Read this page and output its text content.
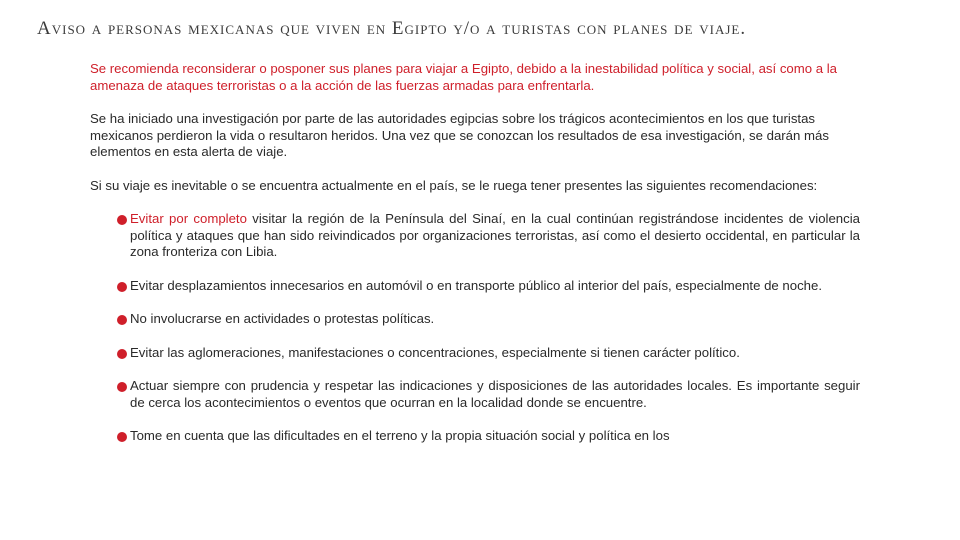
Aviso a personas mexicanas que viven en Egipto y/o a turistas con planes de viaje.

Se recomienda reconsiderar o posponer sus planes para viajar a Egipto, debido a la inestabilidad política y social, así como a la amenaza de ataques terroristas o a la acción de las fuerzas armadas para enfrentarla.

Se ha iniciado una investigación por parte de las autoridades egipcias sobre los trágicos acontecimientos en los que turistas mexicanos perdieron la vida o resultaron heridos. Una vez que se conozcan los resultados de esa investigación, se darán más elementos en esta alerta de viaje.

Si su viaje es inevitable o se encuentra actualmente en el país, se le ruega tener presentes las siguientes recomendaciones:

Evitar por completo visitar la región de la Península del Sinaí, en la cual continúan registrándose incidentes de violencia política y ataques que han sido reivindicados por organizaciones terroristas, así como el desierto occidental, en particular la zona fronteriza con Libia.
Evitar desplazamientos innecesarios en automóvil o en transporte público al interior del país, especialmente de noche.
No involucrarse en actividades o protestas políticas.
Evitar las aglomeraciones, manifestaciones o concentraciones, especialmente si tienen carácter político.
Actuar siempre con prudencia y respetar las indicaciones y disposiciones de las autoridades locales. Es importante seguir de cerca los acontecimientos o eventos que ocurran en la localidad donde se encuentre.
Tome en cuenta que las dificultades en el terreno y la propia situación social y política en los
